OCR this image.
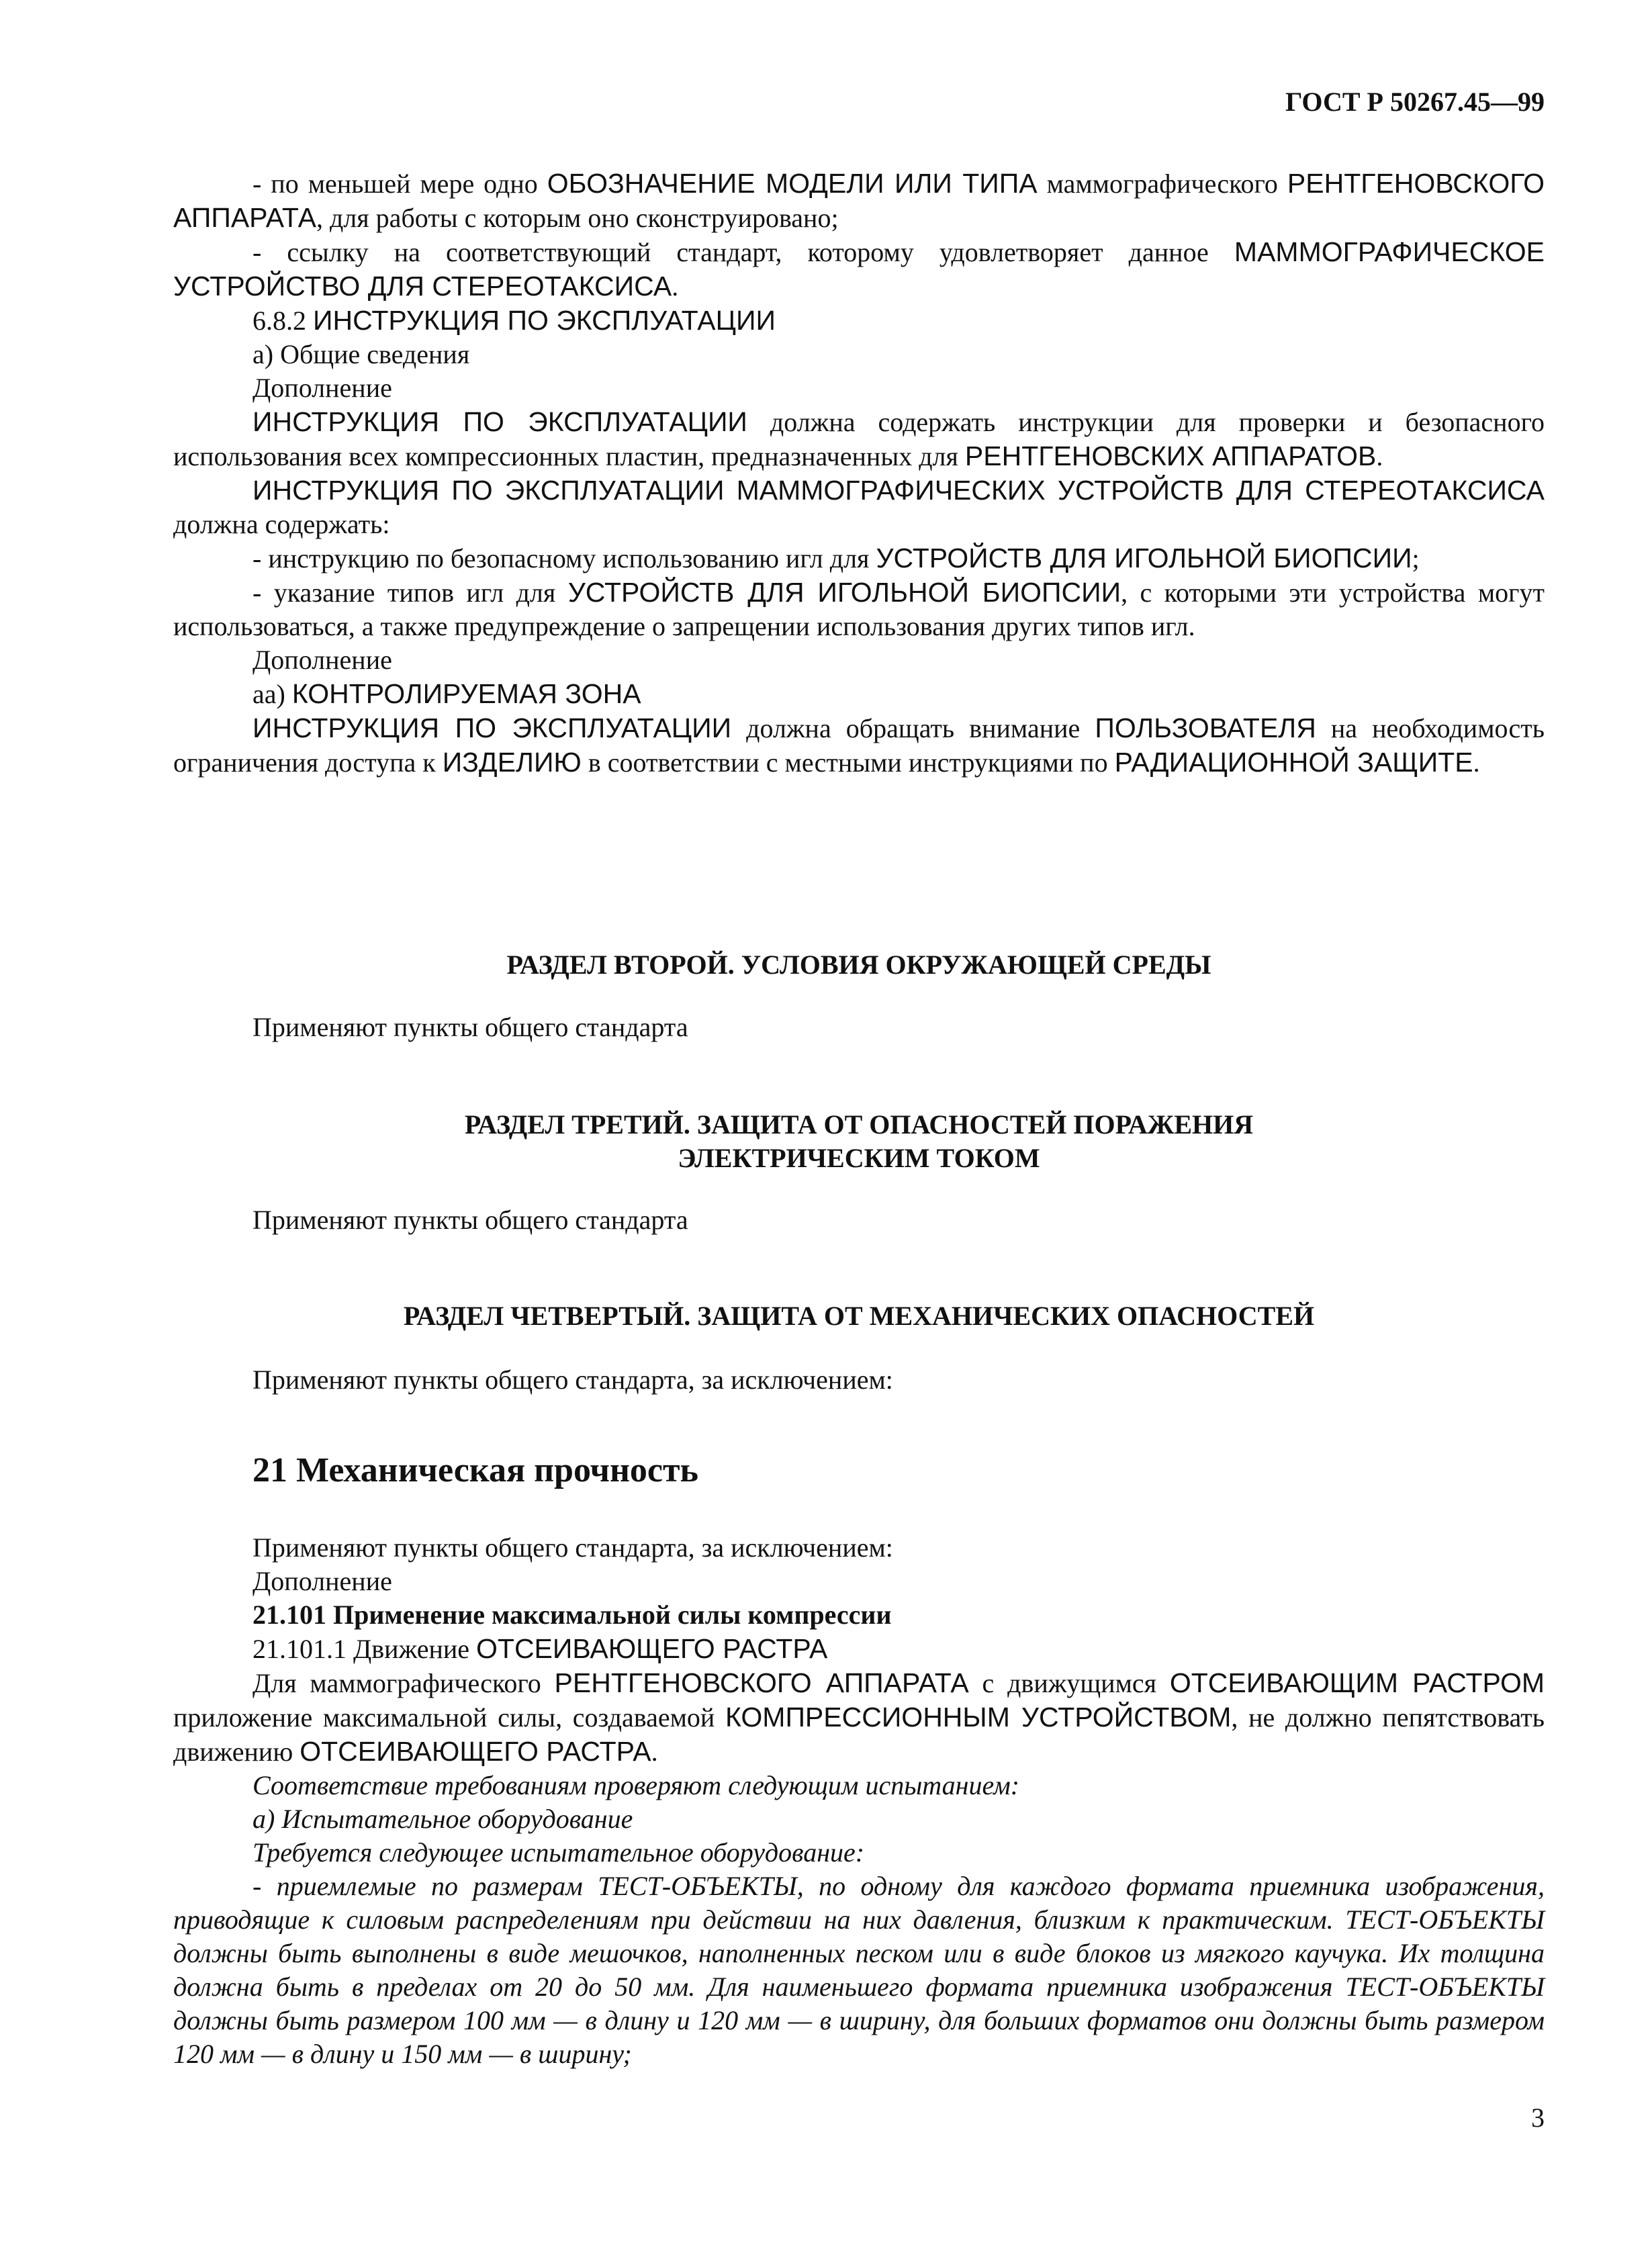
ГОСТ Р 50267.45—99

- по меньшей мере одно ОБОЗНАЧЕНИЕ МОДЕЛИ ИЛИ ТИПА маммографического РЕНТГЕНОВСКОГО АППАРАТА, для работы с которым оно сконструировано;

- ссылку на соответствующий стандарт, которому удовлетворяет данное МАММОГРАФИЧЕСКОЕ УСТРОЙСТВО ДЛЯ СТЕРЕОТАКСИСА.

6.8.2 ИНСТРУКЦИЯ ПО ЭКСПЛУАТАЦИИ

а) Общие сведения

Дополнение

ИНСТРУКЦИЯ ПО ЭКСПЛУАТАЦИИ должна содержать инструкции для проверки и безопасного использования всех компрессионных пластин, предназначенных для РЕНТГЕНОВСКИХ АППАРАТОВ.

ИНСТРУКЦИЯ ПО ЭКСПЛУАТАЦИИ МАММОГРАФИЧЕСКИХ УСТРОЙСТВ ДЛЯ СТЕРЕОТАКСИСА должна содержать:

- инструкцию по безопасному использованию игл для УСТРОЙСТВ ДЛЯ ИГОЛЬНОЙ БИОПСИИ;

- указание типов игл для УСТРОЙСТВ ДЛЯ ИГОЛЬНОЙ БИОПСИИ, с которыми эти устройства могут использоваться, а также предупреждение о запрещении использования других типов игл.

Дополнение

аа) КОНТРОЛИРУЕМАЯ ЗОНА

ИНСТРУКЦИЯ ПО ЭКСПЛУАТАЦИИ должна обращать внимание ПОЛЬЗОВАТЕЛЯ на необходимость ограничения доступа к ИЗДЕЛИЮ в соответствии с местными инструкциями по РАДИАЦИОННОЙ ЗАЩИТЕ.

РАЗДЕЛ ВТОРОЙ. УСЛОВИЯ ОКРУЖАЮЩЕЙ СРЕДЫ

Применяют пункты общего стандарта

РАЗДЕЛ ТРЕТИЙ. ЗАЩИТА ОТ ОПАСНОСТЕЙ ПОРАЖЕНИЯ

ЭЛЕКТРИЧЕСКИМ ТОКОМ

Применяют пункты общего стандарта

РАЗДЕЛ ЧЕТВЕРТЫЙ. ЗАЩИТА ОТ МЕХАНИЧЕСКИХ ОПАСНОСТЕЙ

Применяют пункты общего стандарта, за исключением:

21 Механическая прочность

Применяют пункты общего стандарта, за исключением:

Дополнение

21.101 Применение максимальной силы компрессии

21.101.1 Движение ОТСЕИВАЮЩЕГО РАСТРА

Для маммографического РЕНТГЕНОВСКОГО АППАРАТА с движущимся ОТСЕИВАЮЩИМ РАСТРОМ приложение максимальной силы, создаваемой КОМПРЕССИОННЫМ УСТРОЙСТВОМ, не должно пепятствовать движению ОТСЕИВАЮЩЕГО РАСТРА.

Соответствие требованиям проверяют следующим испытанием:

а) Испытательное оборудование

Требуется следующее испытательное оборудование:

- приемлемые по размерам ТЕСТ-ОБЪЕКТЫ, по одному для каждого формата приемника изображения, приводящие к силовым распределениям при действии на них давления, близким к практическим. ТЕСТ-ОБЪЕКТЫ должны быть выполнены в виде мешочков, наполненных песком или в виде блоков из мягкого каучука. Их толщина должна быть в пределах от 20 до 50 мм. Для наименьшего формата приемника изображения ТЕСТ-ОБЪЕКТЫ должны быть размером 100 мм — в длину и 120 мм — в ширину, для больших форматов они должны быть размером 120 мм — в длину и 150 мм — в ширину;

3
